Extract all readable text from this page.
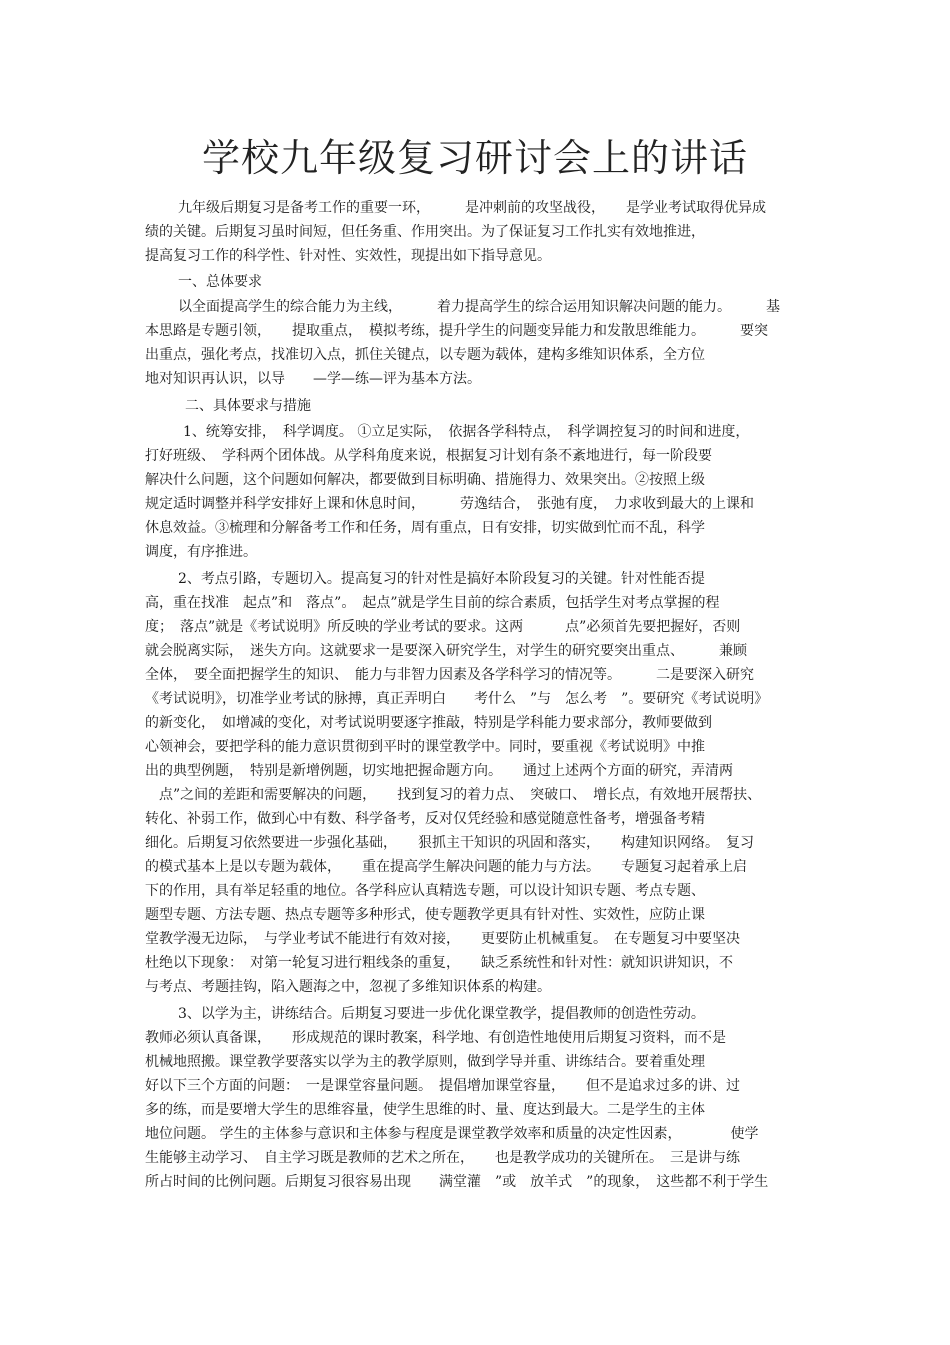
学校九年级复习研讨会上的讲话
九年级后期复习是备考工作的重要一环，　　　是冲刺前的攻坚战役，　　是学业考试取得优异成
绩的关键。后期复习虽时间短，但任务重、作用突出。为了保证复习工作扎实有效地推进，
提高复习工作的科学性、针对性、实效性，现提出如下指导意见。
一、总体要求
以全面提高学生的综合能力为主线，　　　着力提高学生的综合运用知识解决问题的能力。　　　基
本思路是专题引领，　　提取重点，　模拟考练，提升学生的问题变异能力和发散思维能力。　　　要突
出重点，强化考点，找准切入点，抓住关键点，以专题为载体，建构多维知识体系，全方位
地对知识再认识，以导　　—学—练—评为基本方法。
二、具体要求与措施
1、统筹安排，　科学调度。 ①立足实际，　依据各学科特点，　科学调控复习的时间和进度，
打好班级、　学科两个团体战。从学科角度来说，根据复习计划有条不紊地进行，每一阶段要
解决什么问题，这个问题如何解决，都要做到目标明确、措施得力、效果突出。②按照上级
规定适时调整并科学安排好上课和休息时间，　　　劳逸结合，　张弛有度，　力求收到最大的上课和
休息效益。③梳理和分解备考工作和任务，周有重点，日有安排，切实做到忙而不乱，科学
调度，有序推进。
2、考点引路，专题切入。提高复习的针对性是搞好本阶段复习的关键。针对性能否提
高，重在找准　起点”和　落点”。　起点”就是学生目前的综合素质，包括学生对考点掌握的程
度；　落点”就是《考试说明》所反映的学业考试的要求。这两　　　点”必须首先要把握好，否则
就会脱离实际，　迷失方向。这就要求一是要深入研究学生，对学生的研究要突出重点、　　　兼顾
全体，　要全面把握学生的知识、　能力与非智力因素及各学科学习的情况等。　　　二是要深入研究
《考试说明》，切准学业考试的脉搏，真正弄明白　　考什么　”与　怎么考　”。要研究《考试说明》
的新变化，　如增减的变化，对考试说明要逐字推敲，特别是学科能力要求部分，教师要做到
心领神会，要把学科的能力意识贯彻到平时的课堂教学中。同时，要重视《考试说明》中推
出的典型例题，　特别是新增例题，切实地把握命题方向。　　通过上述两个方面的研究，弄清两
　点”之间的差距和需要解决的问题，　　找到复习的着力点、　突破口、　增长点，有效地开展帮扶、
转化、补弱工作，做到心中有数、科学备考，反对仅凭经验和感觉随意性备考，增强备考精
细化。后期复习依然要进一步强化基础，　　狠抓主干知识的巩固和落实，　　构建知识网络。　复习
的模式基本上是以专题为载体，　　重在提高学生解决问题的能力与方法。　　专题复习起着承上启
下的作用，具有举足轻重的地位。各学科应认真精选专题，可以设计知识专题、考点专题、
题型专题、方法专题、热点专题等多种形式，使专题教学更具有针对性、实效性，应防止课
堂教学漫无边际，　与学业考试不能进行有效对接，　　更要防止机械重复。　在专题复习中要坚决
杜绝以下现象：　对第一轮复习进行粗线条的重复，　　缺乏系统性和针对性：就知识讲知识，不
与考点、考题挂钩，陷入题海之中，忽视了多维知识体系的构建。
3、以学为主，讲练结合。后期复习要进一步优化课堂教学，提倡教师的创造性劳动。
教师必须认真备课，　　形成规范的课时教案，科学地、有创造性地使用后期复习资料，而不是
机械地照搬。课堂教学要落实以学为主的教学原则，做到学导并重、讲练结合。要着重处理
好以下三个方面的问题：　一是课堂容量问题。　提倡增加课堂容量，　　但不是追求过多的讲、过
多的练，而是要增大学生的思维容量，使学生思维的时、量、度达到最大。二是学生的主体
地位问题。 学生的主体参与意识和主体参与程度是课堂教学效率和质量的决定性因素，　　　　使学
生能够主动学习、　自主学习既是教师的艺术之所在，　　也是教学成功的关键所在。　三是讲与练
所占时间的比例问题。后期复习很容易出现　　满堂灌　”或　放羊式　”的现象，　这些都不利于学生
